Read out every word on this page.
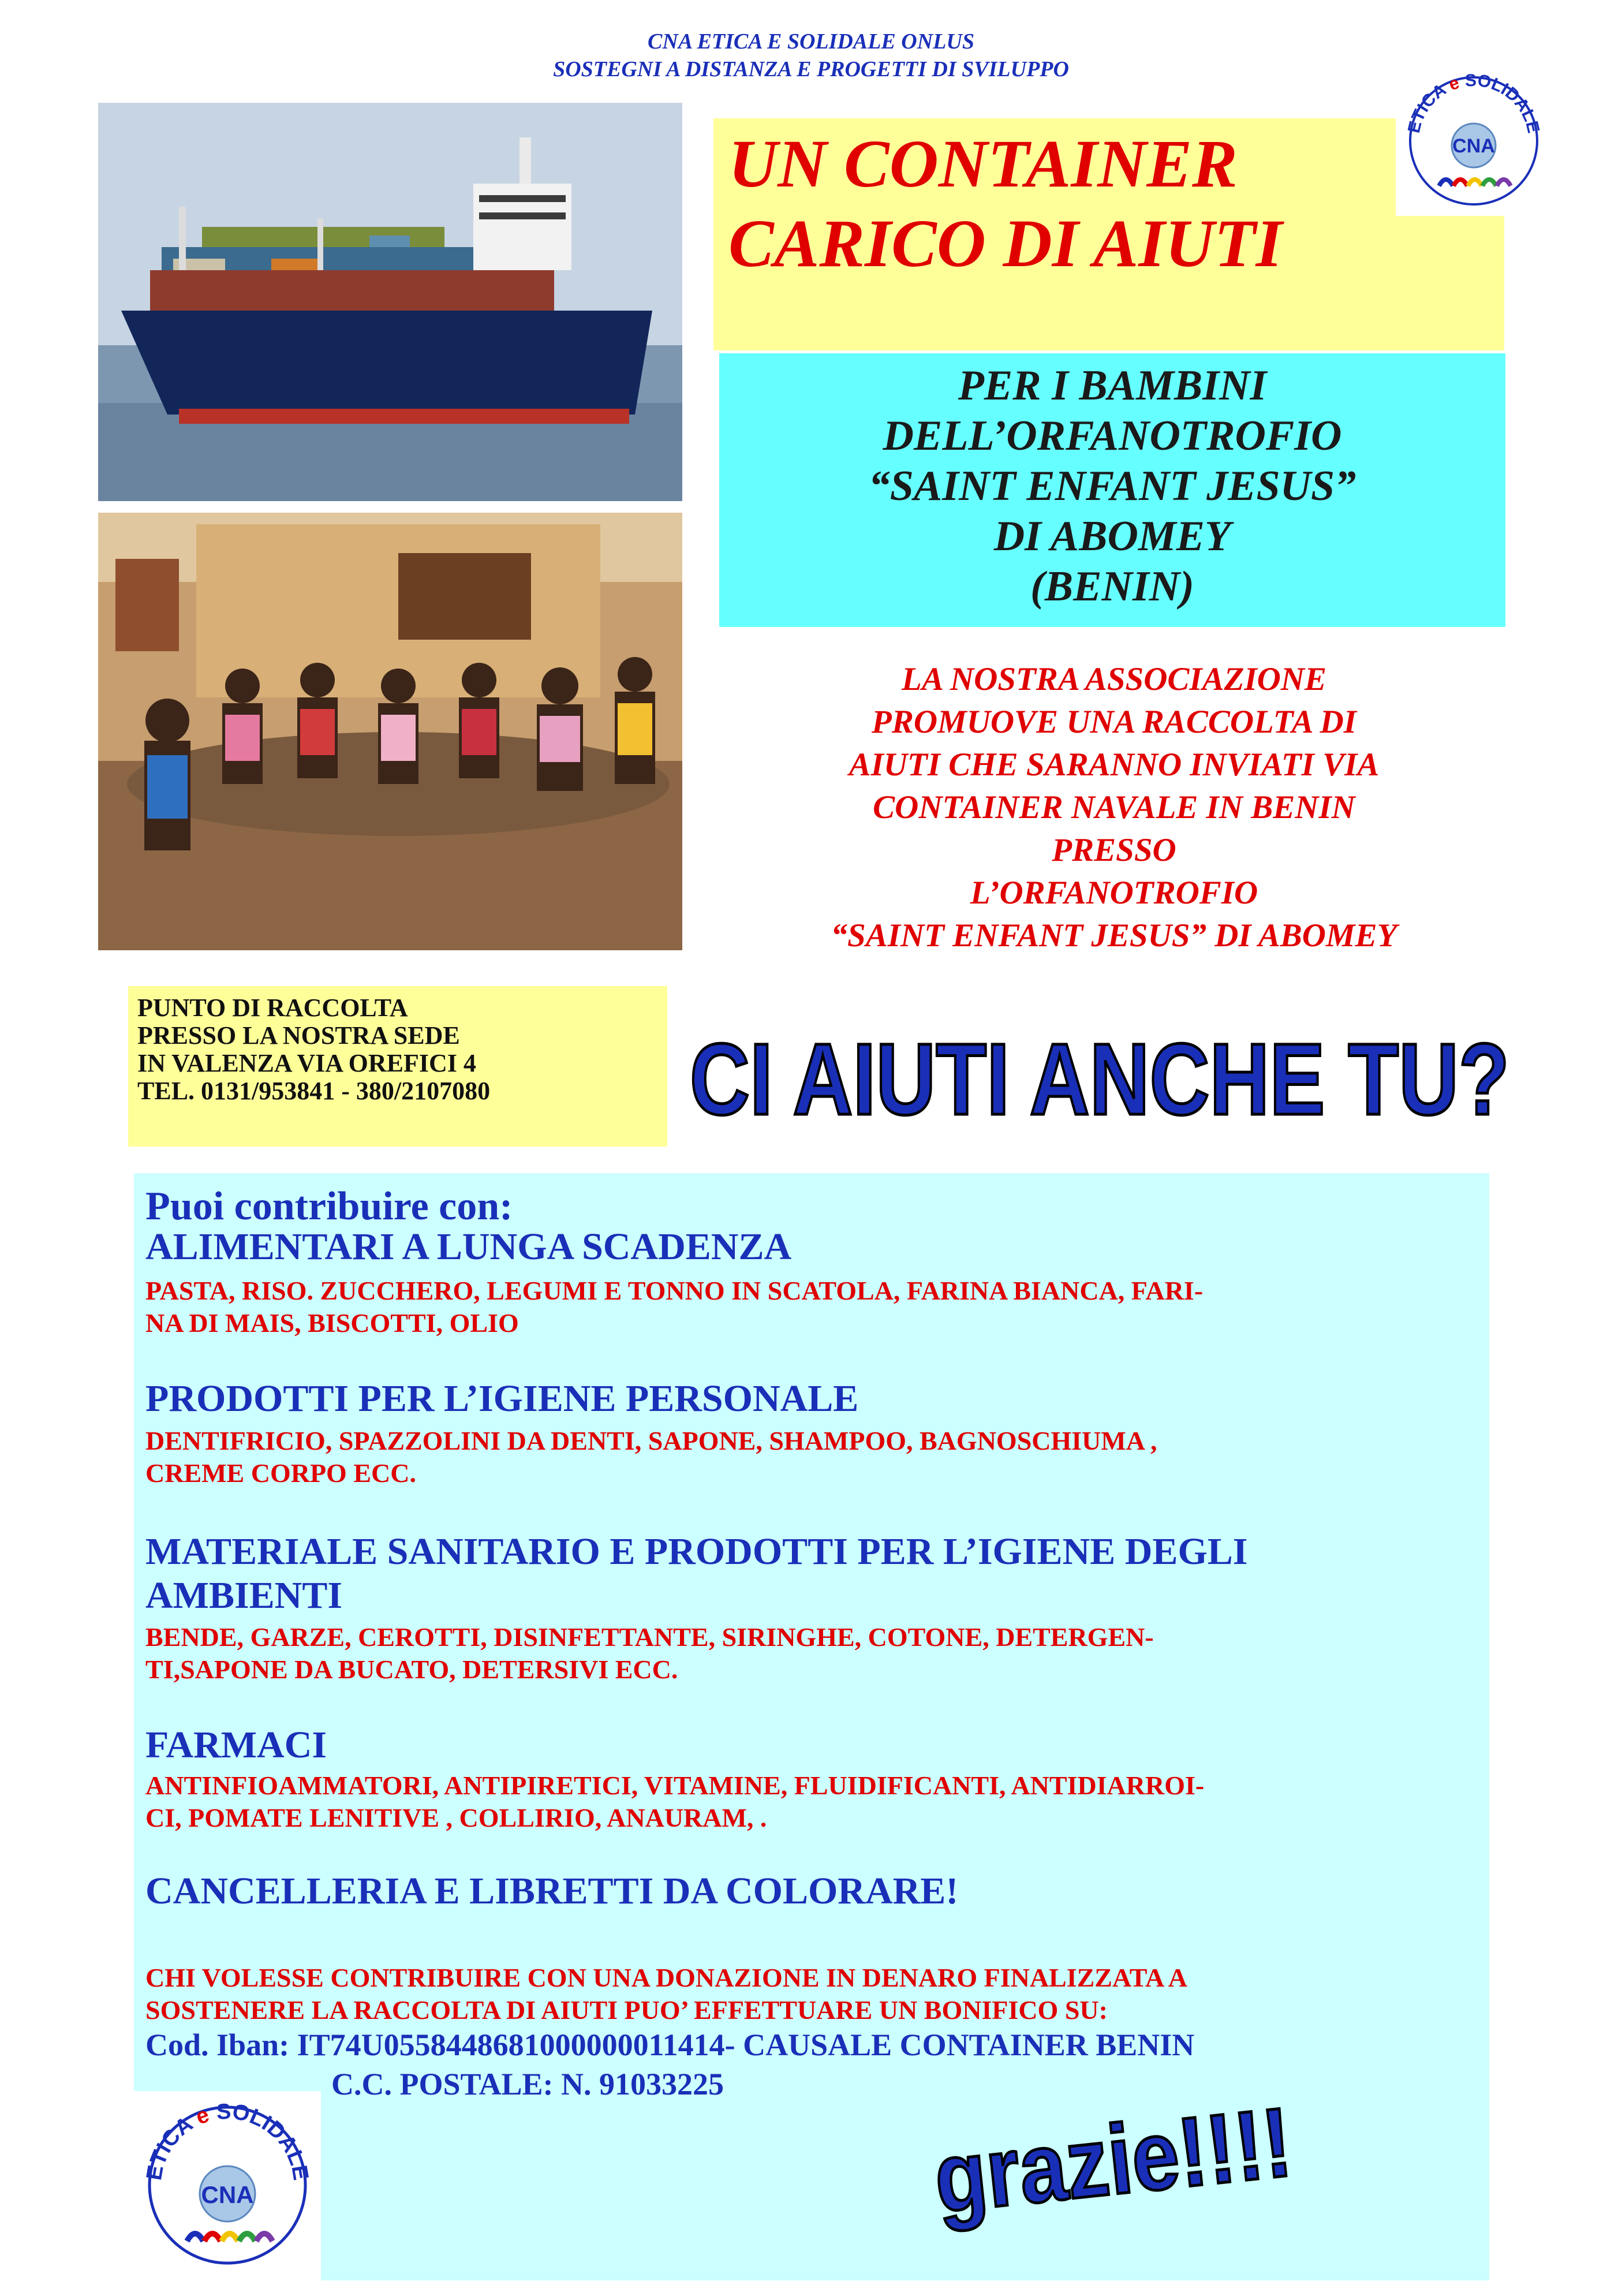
CNA ETICA E SOLIDALE ONLUS
SOSTEGNI A DISTANZA E PROGETTI DI SVILUPPO
UN CONTAINER
CARICO DI AIUTI
ETICA e SOLIDALE
CNA
PER I BAMBINI
DELL’ORFANOTROFIO
“SAINT ENFANT JESUS”
DI ABOMEY
(BENIN)
LA NOSTRA ASSOCIAZIONE
PROMUOVE UNA RACCOLTA DI
AIUTI CHE SARANNO INVIATI VIA
CONTAINER NAVALE IN BENIN
PRESSO
L’ORFANOTROFIO
“SAINT ENFANT JESUS” DI ABOMEY
PUNTO DI RACCOLTA
PRESSO LA NOSTRA SEDE
IN VALENZA VIA OREFICI 4
TEL. 0131/953841 - 380/2107080 CI AIUTI ANCHE TU?
Puoi contribuire con:
ALIMENTARI A LUNGA SCADENZA
PASTA, RISO. ZUCCHERO, LEGUMI E TONNO IN SCATOLA, FARINA BIANCA, FARI-
NA DI MAIS, BISCOTTI, OLIO
PRODOTTI PER L’IGIENE PERSONALE
DENTIFRICIO, SPAZZOLINI DA DENTI, SAPONE, SHAMPOO, BAGNOSCHIUMA ,
CREME CORPO ECC.
MATERIALE SANITARIO E PRODOTTI PER L’IGIENE DEGLI
AMBIENTI
BENDE, GARZE, CEROTTI, DISINFETTANTE, SIRINGHE, COTONE, DETERGEN-
TI,SAPONE DA BUCATO, DETERSIVI ECC.
FARMACI
ANTINFIOAMMATORI, ANTIPIRETICI, VITAMINE, FLUIDIFICANTI, ANTIDIARROI-
CI, POMATE LENITIVE , COLLIRIO, ANAURAM, .
CANCELLERIA E LIBRETTI DA COLORARE!
CHI VOLESSE CONTRIBUIRE CON UNA DONAZIONE IN DENARO FINALIZZATA A
SOSTENERE LA RACCOLTA DI AIUTI PUO’ EFFETTUARE UN BONIFICO SU:
Cod. Iban: IT74U0558448681000000011414- CAUSALE CONTAINER BENIN
C.C. POSTALE: N. 91033225
ETICA e SOLIDALE
CNA	grazie!!!!
